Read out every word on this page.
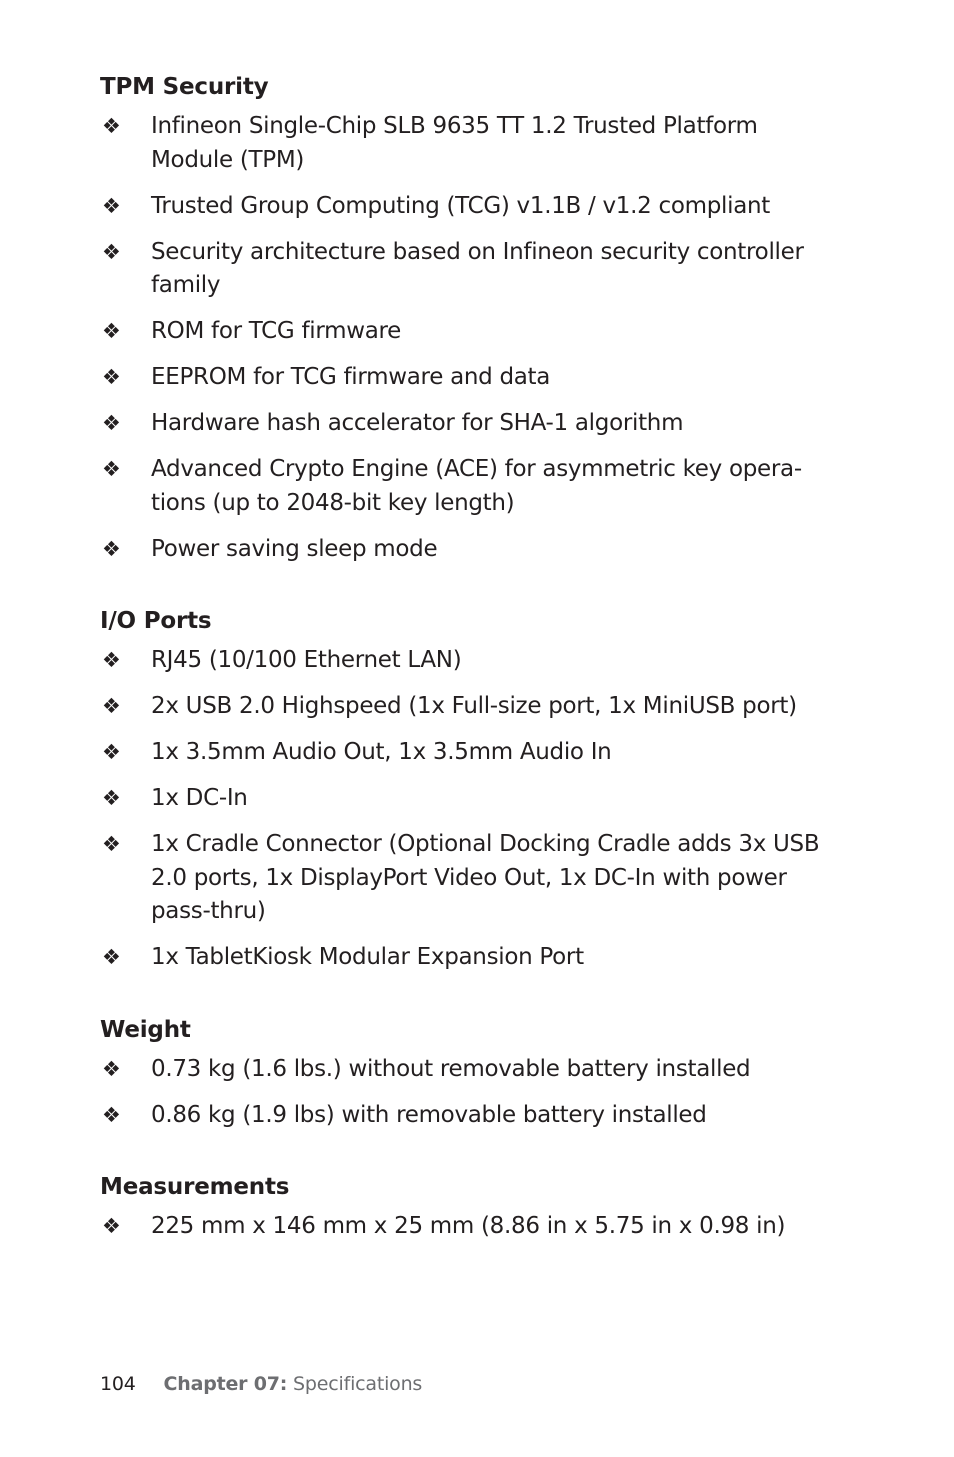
TPM Security
❖ Infineon Single-Chip SLB 9635 TT 1.2 Trusted Platform Module (TPM)
❖ Trusted Group Computing (TCG) v1.1B / v1.2 compliant
❖ Security architecture based on Infineon security controller family
❖ ROM for TCG firmware
❖ EEPROM for TCG firmware and data
❖ Hardware hash accelerator for SHA-1 algorithm
❖ Advanced Crypto Engine (ACE) for asymmetric key opera-tions (up to 2048-bit key length)
❖ Power saving sleep mode
I/O Ports
❖ RJ45 (10/100 Ethernet LAN)
❖ 2x USB 2.0 Highspeed (1x Full-size port, 1x MiniUSB port)
❖ 1x 3.5mm Audio Out, 1x 3.5mm Audio In
❖ 1x DC-In
❖ 1x Cradle Connector (Optional Docking Cradle adds 3x USB 2.0 ports, 1x DisplayPort Video Out, 1x DC-In with power pass-thru)
❖ 1x TabletKiosk Modular Expansion Port
Weight
❖ 0.73 kg (1.6 lbs.) without removable battery installed
❖ 0.86 kg (1.9 lbs) with removable battery installed
Measurements
❖ 225 mm x 146 mm x 25 mm (8.86 in x 5.75 in x 0.98 in)
104 Chapter 07: Specifications
